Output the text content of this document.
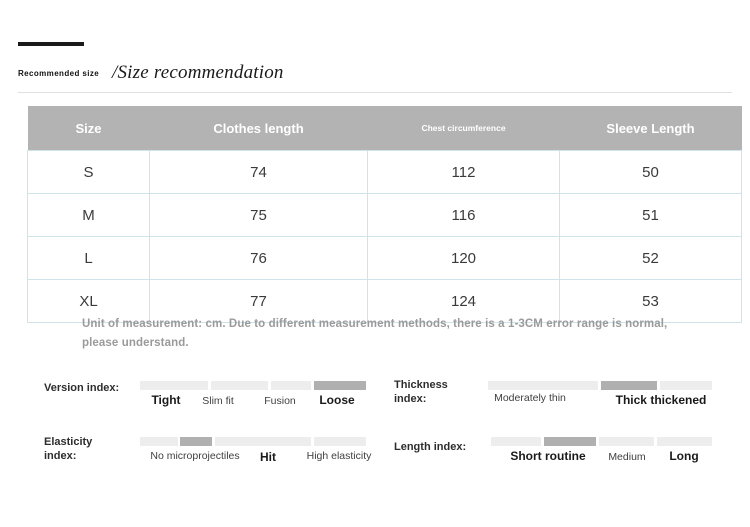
Recommended size /Size recommendation
Size	Clothes length	Chest circumference	Sleeve Length
S	74	112	50
M	75	116	51
L	76	120	52
XL	77	124	53
Unit of measurement: cm. Due to different measurement methods, there is a 1-3CM error range is normal, please understand.
Version index:
Tight	Slim fit	Fusion	Loose
Thickness index:	Moderately thin	Thick thickened
Elasticity index:	No microprojectiles	Hit	High elasticity
Length index:
Short routine	Medium	Long
